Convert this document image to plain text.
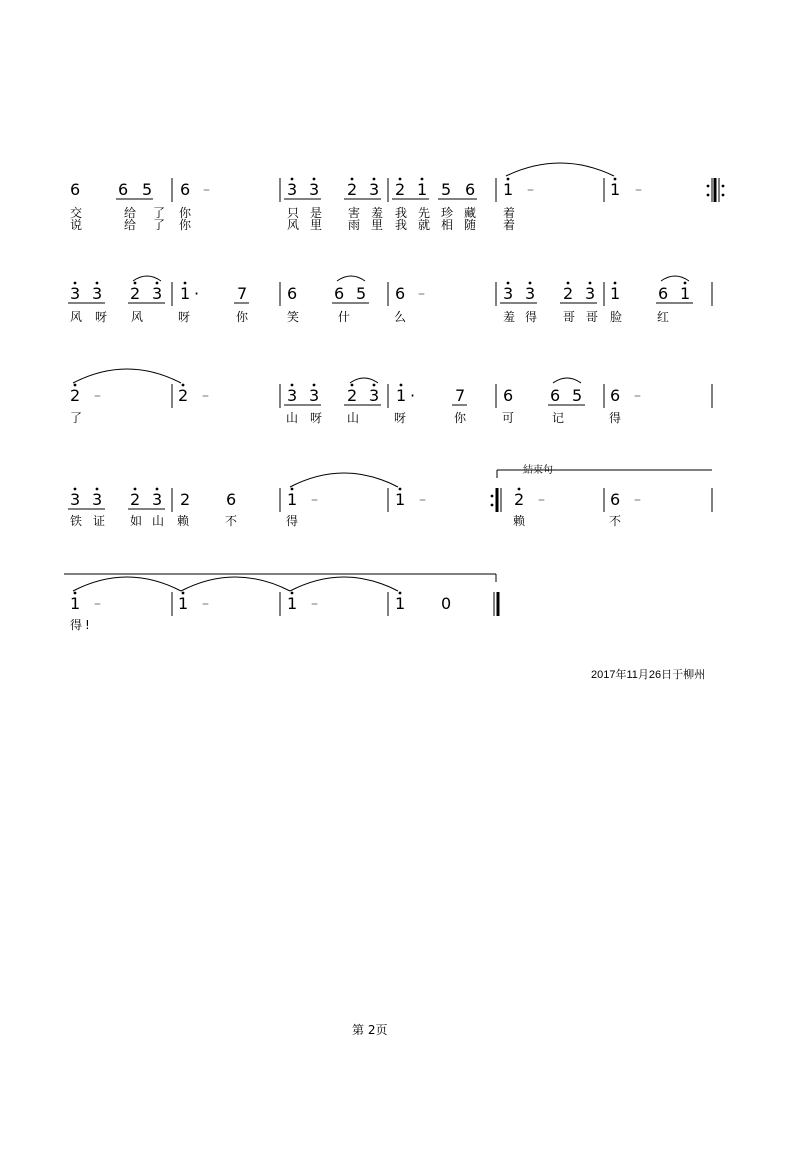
6 6 5 6 –	3 3 2 3 2 1 5 6 1 –	1 –
交	给 了 你	只 是 害 羞 我 先 珍 藏 着
说	给 了 你	风 里 雨 里 我 就 相 随 着
3 3 2 3 1 · 7 6 6 5 6 –	3 3 2 3 1 6 1
风 呀 风	呀	你	笑	什	么	羞 得 哥 哥 脸	红
2 –	2 –	3 3 2 3 1 · 7 6 6 5 6 –
了	山 呀 山	呀	你	可	记	得
3 3 2 3 2 6	1 –	1 –	2 –	6 –
铁 证 如 山 赖	不	得	赖	不
1 –	1 –	1 –	1 0
得 !
結束句
2017年11月26日于柳州
第 2页
